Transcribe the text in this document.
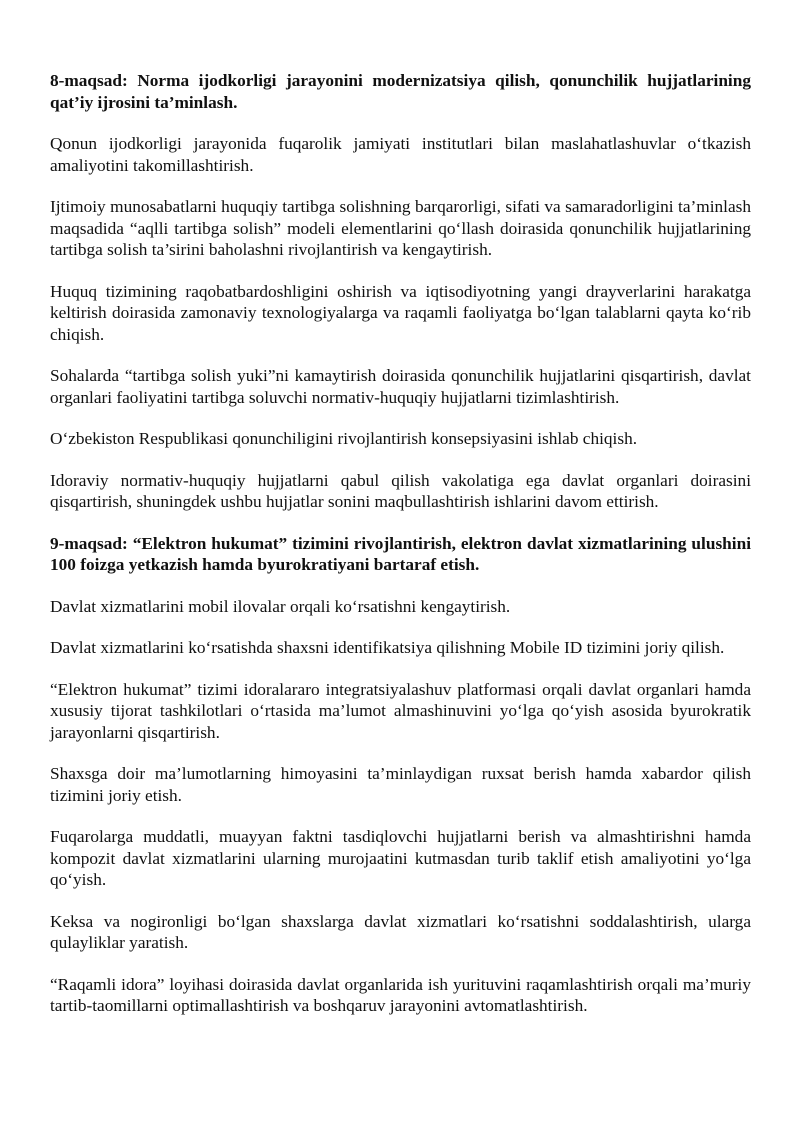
8-maqsad: Norma ijodkorligi jarayonini modernizatsiya qilish, qonunchilik hujjatlarining qat’iy ijrosini ta’minlash.

Qonun ijodkorligi jarayonida fuqarolik jamiyati institutlari bilan maslahatlashuvlar o‘tkazish amaliyotini takomillashtirish.

Ijtimoiy munosabatlarni huquqiy tartibga solishning barqarorligi, sifati va samaradorligini ta’minlash maqsadida “aqlli tartibga solish” modeli elementlarini qo‘llash doirasida qonunchilik hujjatlarining tartibga solish ta’sirini baholashni rivojlantirish va kengaytirish.

Huquq tizimining raqobatbardoshligini oshirish va iqtisodiyotning yangi drayverlarini harakatga keltirish doirasida zamonaviy texnologiyalarga va raqamli faoliyatga bo‘lgan talablarni qayta ko‘rib chiqish.

Sohalarda “tartibga solish yuki”ni kamaytirish doirasida qonunchilik hujjatlarini qisqartirish, davlat organlari faoliyatini tartibga soluvchi normativ-huquqiy hujjatlarni tizimlashtirish.

O‘zbekiston Respublikasi qonunchiligini rivojlantirish konsepsiyasini ishlab chiqish.

Idoraviy normativ-huquqiy hujjatlarni qabul qilish vakolatiga ega davlat organlari doirasini qisqartirish, shuningdek ushbu hujjatlar sonini maqbullashtirish ishlarini davom ettirish.

9-maqsad: “Elektron hukumat” tizimini rivojlantirish, elektron davlat xizmatlarining ulushini 100 foizga yetkazish hamda byurokratiyani bartaraf etish.

Davlat xizmatlarini mobil ilovalar orqali ko‘rsatishni kengaytirish.

Davlat xizmatlarini ko‘rsatishda shaxsni identifikatsiya qilishning Mobile ID tizimini joriy qilish.

“Elektron hukumat” tizimi idoralararo integratsiyalashuv platformasi orqali davlat organlari hamda xususiy tijorat tashkilotlari o‘rtasida ma’lumot almashinuvini yo‘lga qo‘yish asosida byurokratik jarayonlarni qisqartirish.

Shaxsga doir ma’lumotlarning himoyasini ta’minlaydigan ruxsat berish hamda xabardor qilish tizimini joriy etish.

Fuqarolarga muddatli, muayyan faktni tasdiqlovchi hujjatlarni berish va almashtirishni hamda kompozit davlat xizmatlarini ularning murojaatini kutmasdan turib taklif etish amaliyotini yo‘lga qo‘yish.

Keksa va nogironligi bo‘lgan shaxslarga davlat xizmatlari ko‘rsatishni soddalashtirish, ularga qulayliklar yaratish.

“Raqamli idora” loyihasi doirasida davlat organlarida ish yurituvini raqamlashtirish orqali ma’muriy tartib-taomillarni optimallashtirish va boshqaruv jarayonini avtomatlashtirish.
